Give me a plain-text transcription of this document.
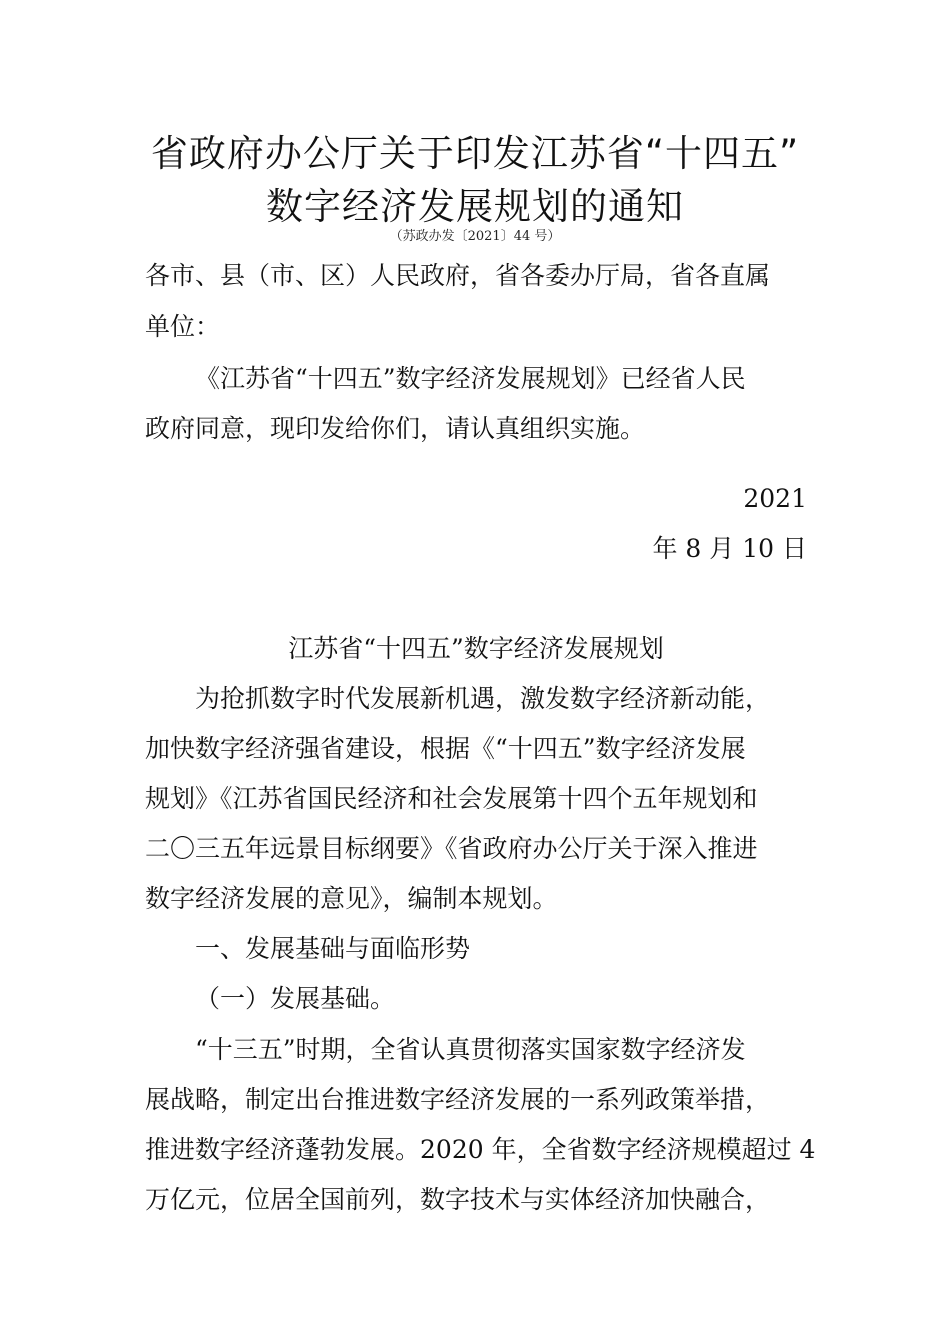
省政府办公厅关于印发江苏省“十四五”
数字经济发展规划的通知
（苏政办发〔2021〕44 号）
各市、县（市、区）人民政府，省各委办厅局，省各直属
单位：
《江苏省“十四五”数字经济发展规划》已经省人民
政府同意，现印发给你们，请认真组织实施。
2021
年 8 月 10 日
江苏省“十四五”数字经济发展规划
为抢抓数字时代发展新机遇，激发数字经济新动能，
加快数字经济强省建设，根据《“十四五”数字经济发展
规划》《江苏省国民经济和社会发展第十四个五年规划和
二〇三五年远景目标纲要》《省政府办公厅关于深入推进
数字经济发展的意见》，编制本规划。
一、发展基础与面临形势
（一）发展基础。
“十三五”时期，全省认真贯彻落实国家数字经济发
展战略，制定出台推进数字经济发展的一系列政策举措，
推进数字经济蓬勃发展。2020 年，全省数字经济规模超过 4
万亿元，位居全国前列，数字技术与实体经济加快融合，
